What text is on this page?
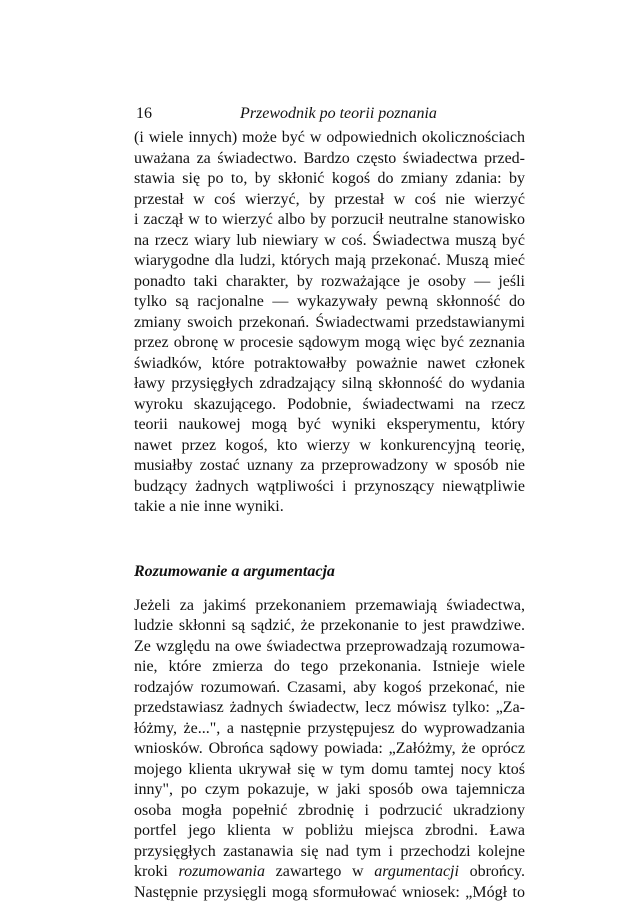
16	Przewodnik po teorii poznania

(i wiele innych) może być w odpowiednich okolicznościach
uważana za świadectwo. Bardzo często świadectwa przed-
stawia się po to, by skłonić kogoś do zmiany zdania: by
przestał w coś wierzyć, by przestał w coś nie wierzyć
i zaczął w to wierzyć albo by porzucił neutralne stanowisko
na rzecz wiary lub niewiary w coś. Świadectwa muszą być
wiarygodne dla ludzi, których mają przekonać. Muszą mieć
ponadto taki charakter, by rozważające je osoby — jeśli
tylko są racjonalne — wykazywały pewną skłonność do
zmiany swoich przekonań. Świadectwami przedstawianymi
przez obronę w procesie sądowym mogą więc być zeznania
świadków, które potraktowałby poważnie nawet członek
ławy przysięgłych zdradzający silną skłonność do wydania
wyroku skazującego. Podobnie, świadectwami na rzecz
teorii naukowej mogą być wyniki eksperymentu, który
nawet przez kogoś, kto wierzy w konkurencyjną teorię,
musiałby zostać uznany za przeprowadzony w sposób nie
budzący żadnych wątpliwości i przynoszący niewątpliwie
takie a nie inne wyniki.

Rozumowanie a argumentacja

Jeżeli za jakimś przekonaniem przemawiają świadectwa,
ludzie skłonni są sądzić, że przekonanie to jest prawdziwe.
Ze względu na owe świadectwa przeprowadzają rozumowa-
nie, które zmierza do tego przekonania. Istnieje wiele
rodzajów rozumowań. Czasami, aby kogoś przekonać, nie
przedstawiasz żadnych świadectw, lecz mówisz tylko: „Za-
łóżmy, że...", a następnie przystępujesz do wyprowadzania
wniosków. Obrońca sądowy powiada: „Załóżmy, że oprócz
mojego klienta ukrywał się w tym domu tamtej nocy ktoś
inny", po czym pokazuje, w jaki sposób owa tajemnicza
osoba mogła popełnić zbrodnię i podrzucić ukradziony
portfel jego klienta w pobliżu miejsca zbrodni. Ława
przysięgłych zastanawia się nad tym i przechodzi kolejne
kroki rozumowania zawartego w argumentacji obrońcy.
Następnie przysięgli mogą sformułować wniosek: „Mógł to
